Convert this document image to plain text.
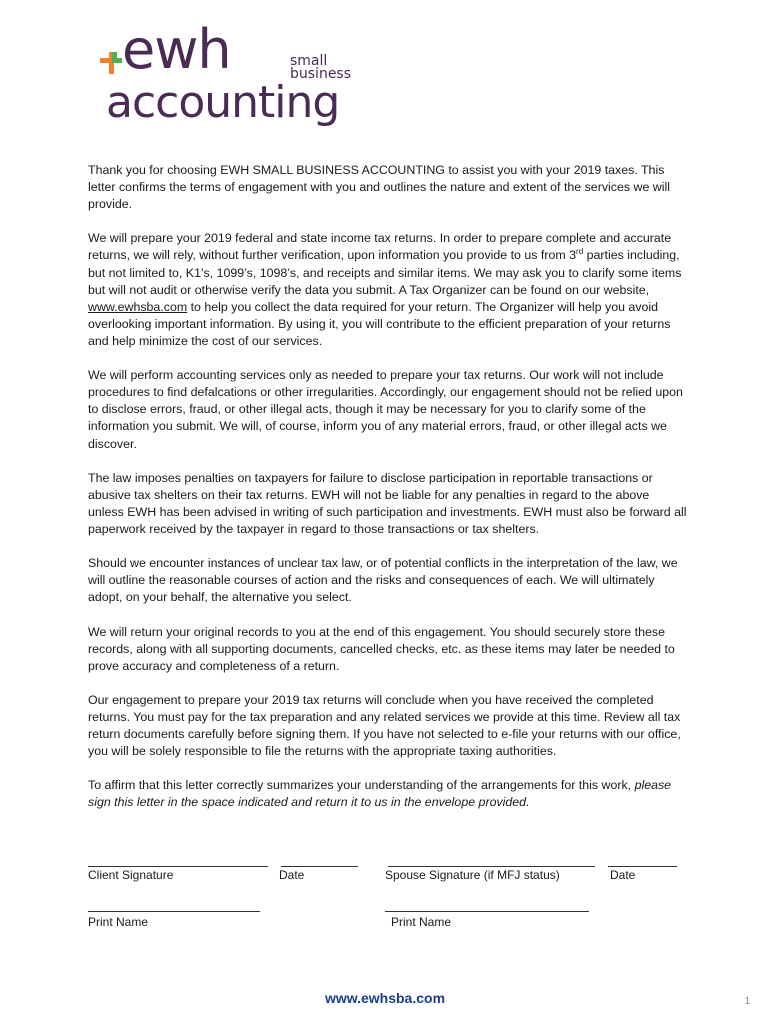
ewh	small
business
accounting

Thank you for choosing EWH SMALL BUSINESS ACCOUNTING to assist you with your 2019 taxes. This letter confirms the terms of engagement with you and outlines the nature and extent of the services we will provide.

We will prepare your 2019 federal and state income tax returns. In order to prepare complete and accurate returns, we will rely, without further verification, upon information you provide to us from 3rd parties including, but not limited to, K1’s, 1099’s, 1098’s, and receipts and similar items. We may ask you to clarify some items but will not audit or otherwise verify the data you submit. A Tax Organizer can be found on our website, www.ewhsba.com to help you collect the data required for your return. The Organizer will help you avoid overlooking important information. By using it, you will contribute to the efficient preparation of your returns and help minimize the cost of our services.

We will perform accounting services only as needed to prepare your tax returns. Our work will not include procedures to find defalcations or other irregularities. Accordingly, our engagement should not be relied upon to disclose errors, fraud, or other illegal acts, though it may be necessary for you to clarify some of the information you submit. We will, of course, inform you of any material errors, fraud, or other illegal acts we discover.

The law imposes penalties on taxpayers for failure to disclose participation in reportable transactions or abusive tax shelters on their tax returns. EWH will not be liable for any penalties in regard to the above unless EWH has been advised in writing of such participation and investments. EWH must also be forward all paperwork received by the taxpayer in regard to those transactions or tax shelters.

Should we encounter instances of unclear tax law, or of potential conflicts in the interpretation of the law, we will outline the reasonable courses of action and the risks and consequences of each. We will ultimately adopt, on your behalf, the alternative you select.

We will return your original records to you at the end of this engagement. You should securely store these records, along with all supporting documents, cancelled checks, etc. as these items may later be needed to prove accuracy and completeness of a return.

Our engagement to prepare your 2019 tax returns will conclude when you have received the completed returns. You must pay for the tax preparation and any related services we provide at this time. Review all tax return documents carefully before signing them. If you have not selected to e-file your returns with our office, you will be solely responsible to file the returns with the appropriate taxing authorities.

To affirm that this letter correctly summarizes your understanding of the arrangements for this work, please sign this letter in the space indicated and return it to us in the envelope provided.

Client Signature	Date	Spouse Signature (if MFJ status)	Date
Print Name	Print Name
www.ewhsba.com	1
